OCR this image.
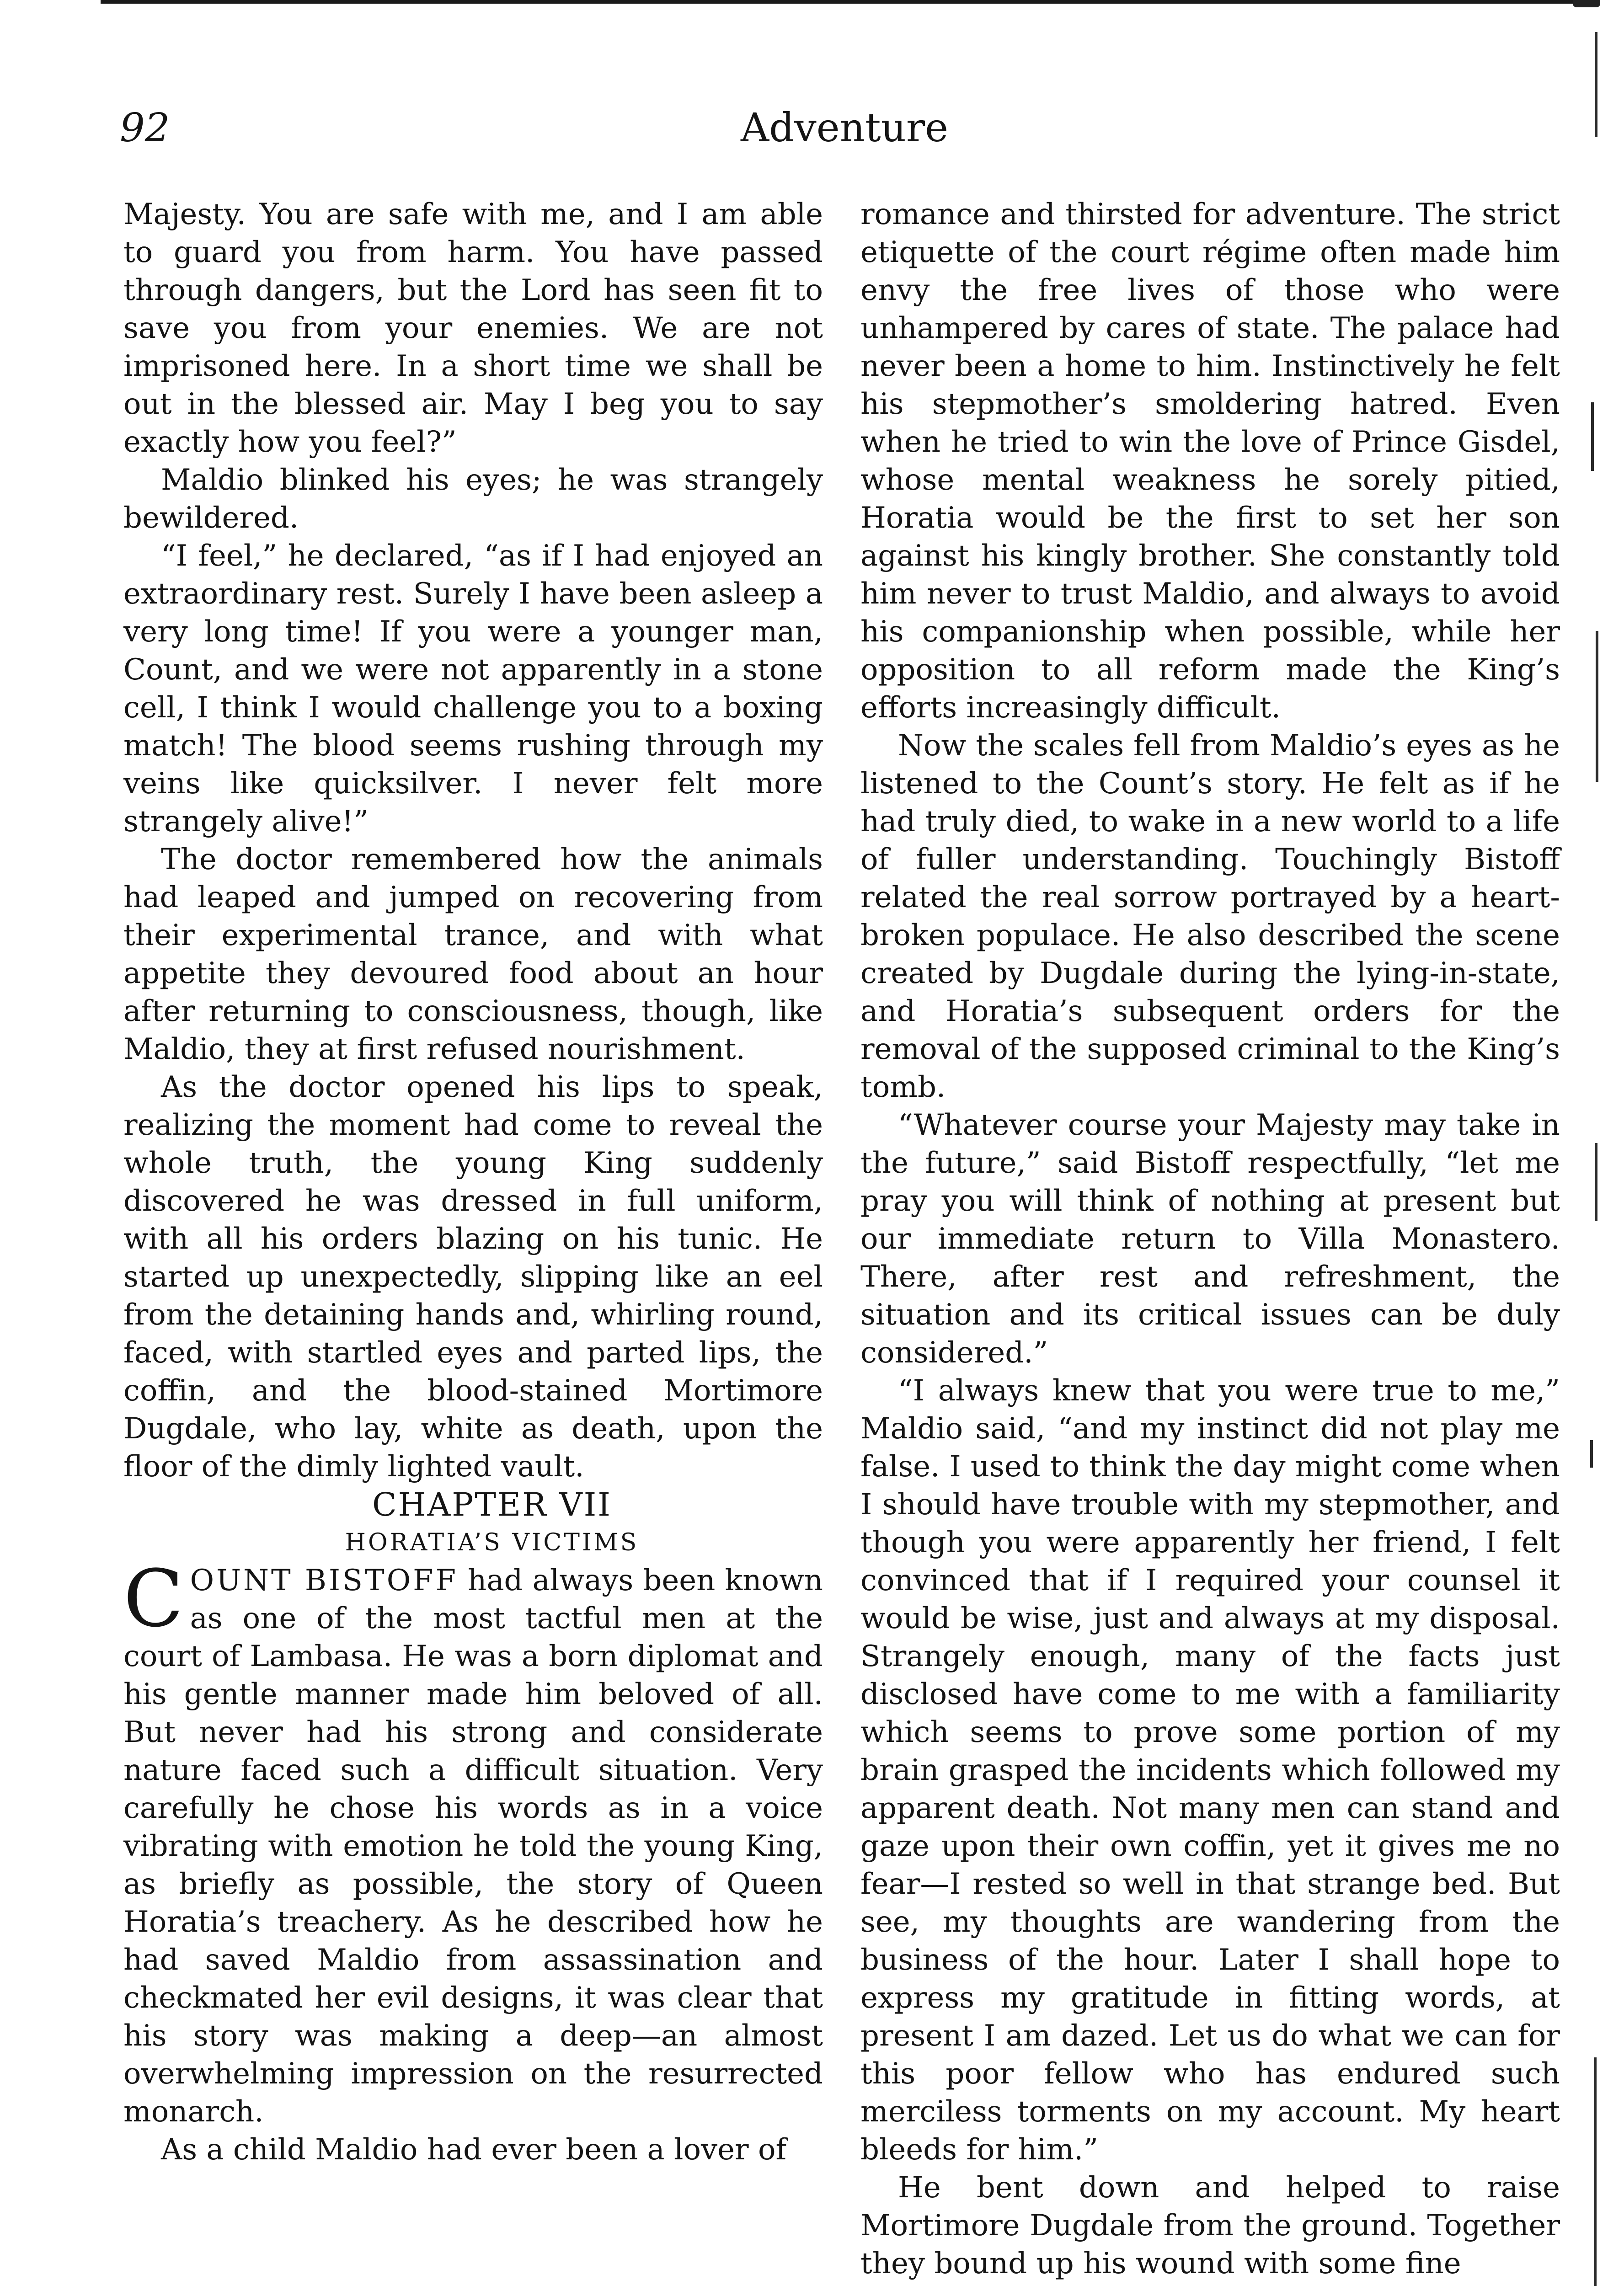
92	Adventure

Majesty. You are safe with me, and I am able to guard you from harm. You have passed through dangers, but the Lord has seen fit to save you from your enemies. We are not imprisoned here. In a short time we shall be out in the blessed air. May I beg you to say exactly how you feel?”

Maldio blinked his eyes; he was strangely bewildered.

“I feel,” he declared, “as if I had enjoyed an extraordinary rest. Surely I have been asleep a very long time! If you were a younger man, Count, and we were not apparently in a stone cell, I think I would challenge you to a boxing match! The blood seems rushing through my veins like quicksilver. I never felt more strangely alive!”

The doctor remembered how the animals had leaped and jumped on recovering from their experimental trance, and with what appetite they devoured food about an hour after returning to consciousness, though, like Maldio, they at first refused nourishment.

As the doctor opened his lips to speak, realizing the moment had come to reveal the whole truth, the young King suddenly discovered he was dressed in full uniform, with all his orders blazing on his tunic. He started up unexpectedly, slipping like an eel from the detaining hands and, whirling round, faced, with startled eyes and parted lips, the coffin, and the blood-stained Mortimore Dugdale, who lay, white as death, upon the floor of the dimly lighted vault.

CHAPTER VII

HORATIA’S VICTIMS

COUNT BISTOFF had always been known as one of the most tactful men at the court of Lambasa. He was a born diplomat and his gentle manner made him beloved of all. But never had his strong and considerate nature faced such a difficult situation. Very carefully he chose his words as in a voice vibrating with emotion he told the young King, as briefly as possible, the story of Queen Horatia’s treachery. As he described how he had saved Maldio from assassination and checkmated her evil designs, it was clear that his story was making a deep—an almost overwhelming impression on the resurrected monarch.

As a child Maldio had ever been a lover of

romance and thirsted for adventure. The strict etiquette of the court régime often made him envy the free lives of those who were unhampered by cares of state. The palace had never been a home to him. Instinctively he felt his stepmother’s smoldering hatred. Even when he tried to win the love of Prince Gisdel, whose mental weakness he sorely pitied, Horatia would be the first to set her son against his kingly brother. She constantly told him never to trust Maldio, and always to avoid his companionship when possible, while her opposition to all reform made the King’s efforts increasingly difficult.

Now the scales fell from Maldio’s eyes as he listened to the Count’s story. He felt as if he had truly died, to wake in a new world to a life of fuller understanding. Touchingly Bistoff related the real sorrow portrayed by a heart-broken populace. He also described the scene created by Dugdale during the lying-in-state, and Horatia’s subsequent orders for the removal of the supposed criminal to the King’s tomb.

“Whatever course your Majesty may take in the future,” said Bistoff respectfully, “let me pray you will think of nothing at present but our immediate return to Villa Monastero. There, after rest and refreshment, the situation and its critical issues can be duly considered.”

“I always knew that you were true to me,” Maldio said, “and my instinct did not play me false. I used to think the day might come when I should have trouble with my stepmother, and though you were apparently her friend, I felt convinced that if I required your counsel it would be wise, just and always at my disposal. Strangely enough, many of the facts just disclosed have come to me with a familiarity which seems to prove some portion of my brain grasped the incidents which followed my apparent death. Not many men can stand and gaze upon their own coffin, yet it gives me no fear—I rested so well in that strange bed. But see, my thoughts are wandering from the business of the hour. Later I shall hope to express my gratitude in fitting words, at present I am dazed. Let us do what we can for this poor fellow who has endured such merciless torments on my account. My heart bleeds for him.”

He bent down and helped to raise Mortimore Dugdale from the ground. Together they bound up his wound with some fine
